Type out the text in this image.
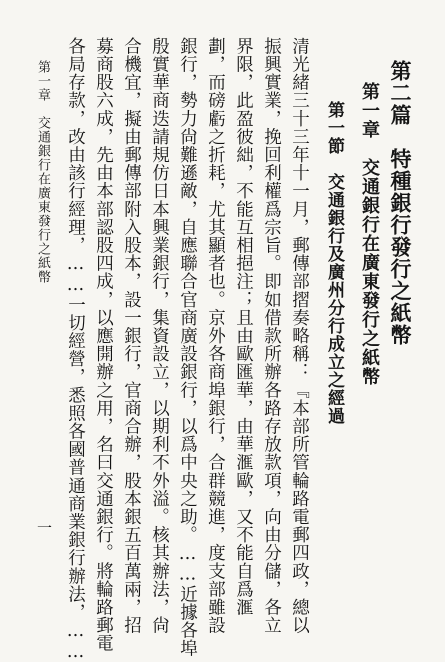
第二篇　特種銀行發行之紙幣
第一章　交通銀行在廣東發行之紙幣
第一節　交通銀行及廣州分行成立之經過
清光緒三十三年十一月，郵傳部摺奏略稱：『本部所管輪路電郵四政，總以
振興實業，挽回利權爲宗旨。即如借款所辦各路存放款項，向由分儲，各立
界限，此盈彼絀，不能互相挹注；且由歐匯華，由華滙歐，又不能自爲滙
劃，而磅虧之折耗，尤其顯者也。京外各商埠銀行，合群競進，度支部雖設
銀行，勢力尙難遜敵，自應聯合官商廣設銀行，以爲中央之助。……近據各埠
殷實華商迭請規仿日本興業銀行，集資設立，以期利不外溢。核其辦法，尙
合機宜，擬由郵傳部附入股本，設一銀行，官商合辦，股本銀五百萬兩，招
募商股六成，先由本部認股四成，以應開辦之用，名曰交通銀行。將輪路郵電
各局存款，改由該行經理，……一切經營，悉照各國普通商業銀行辦法，……
第一章　交通銀行在廣東發行之紙幣
一
